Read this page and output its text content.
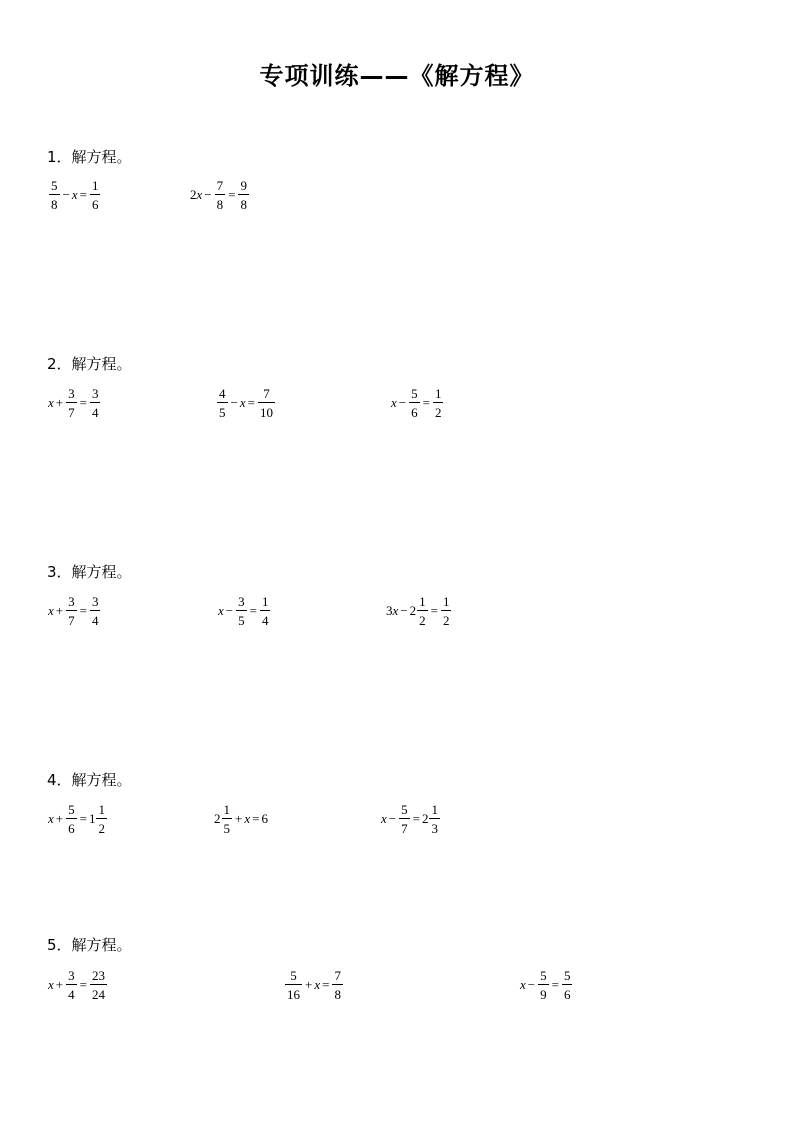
专项训练——《解方程》
1．解方程。
$\frac{5}{8} - x = \frac{1}{6}$	2 $x - \frac{7}{8} = \frac{9}{8}$
2．解方程。
$x + \frac{3}{7} = \frac{3}{4}$	$\frac{4}{5} - x = \frac{7}{10}$	$x - \frac{5}{6} = \frac{1}{2}$
3．解方程。
$x + \frac{3}{7} = \frac{3}{4}$	$x - \frac{3}{5} = \frac{1}{4}$	3 $x - 2 \frac{1}{2} = \frac{1}{2}$
4．解方程。
$x + \frac{5}{6} = 1 \frac{1}{2}$	$2 \frac{1}{5} + x = 6$	$x - \frac{5}{7} = 2 \frac{1}{3}$
5．解方程。
$x + \frac{3}{4} = \frac{23}{24}$	$\frac{5}{16} + x = \frac{7}{8}$	$x - \frac{5}{9} = \frac{5}{6}$
